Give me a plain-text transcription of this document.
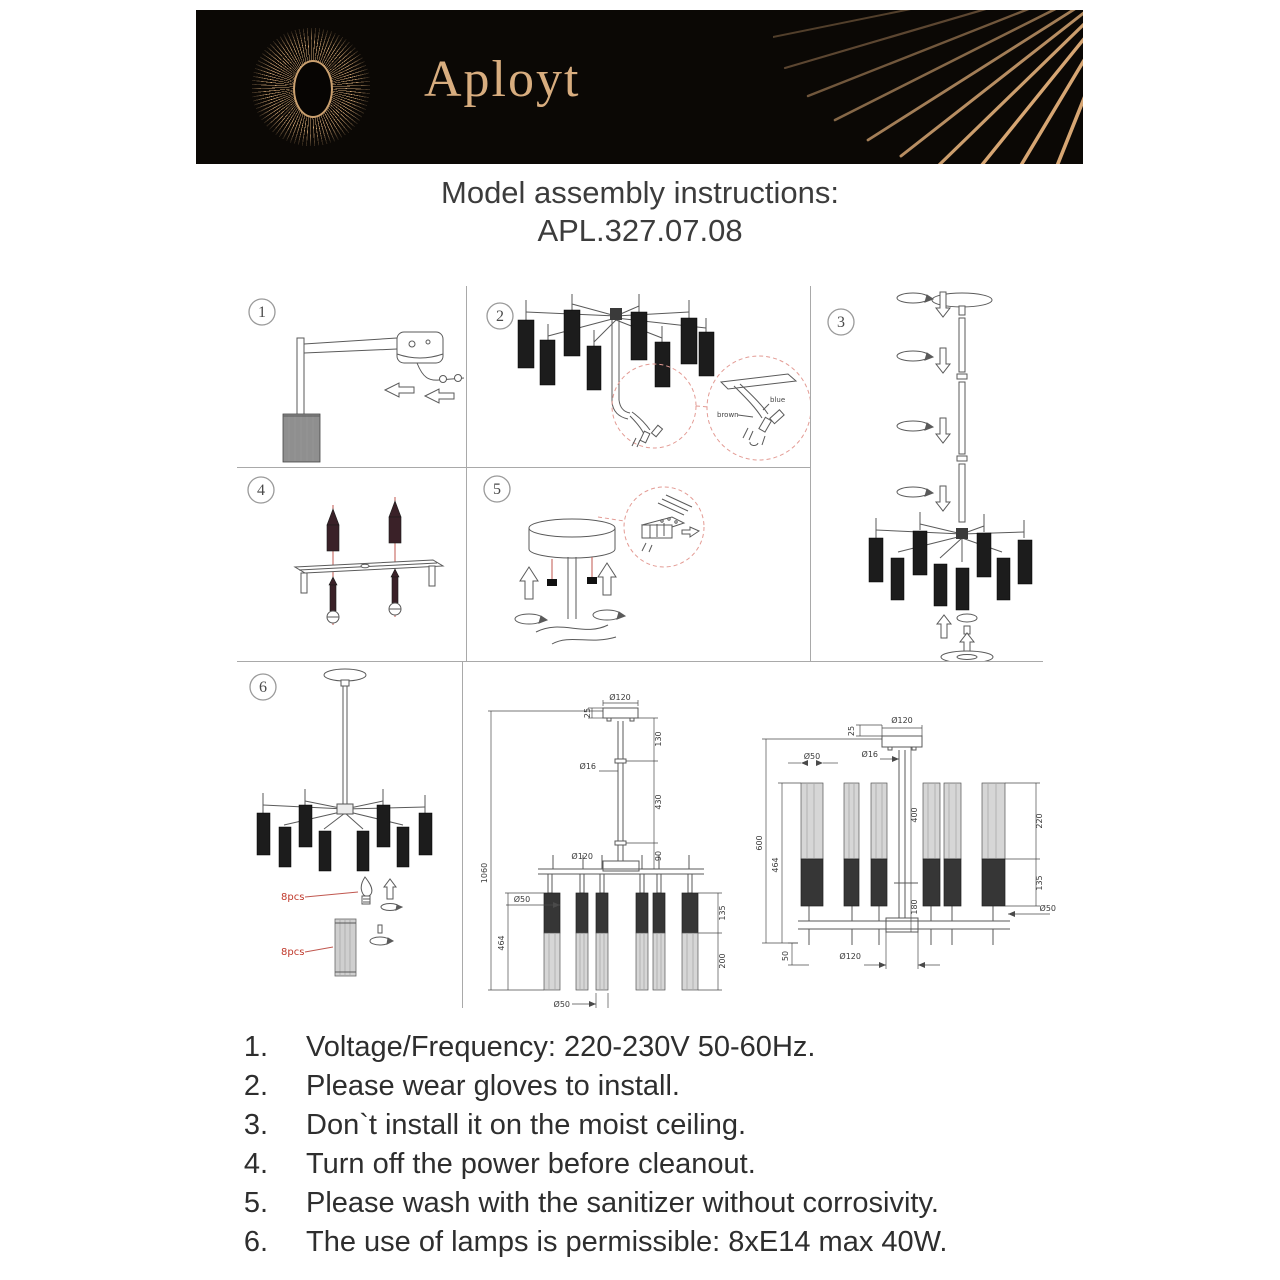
Aployt
Model assembly instructions:
APL.327.07.08
1	2
blue
brown
3
4	5
6
8pcs
8pcs
Ø120
25
130
Ø16
430
Ø120	90
1060
464
Ø50
135
200
Ø50
25
Ø120
Ø50	Ø16
600
464
400
180
220
135
Ø50
50	Ø120
1. Voltage/Frequency: 220-230V 50-60Hz.
2. Please wear gloves to install.
3. Don`t install it on the moist ceiling.
4. Turn off the power before cleanout.
5. Please wash with the sanitizer without corrosivity.
6. The use of lamps is permissible: 8xE14 max 40W.
